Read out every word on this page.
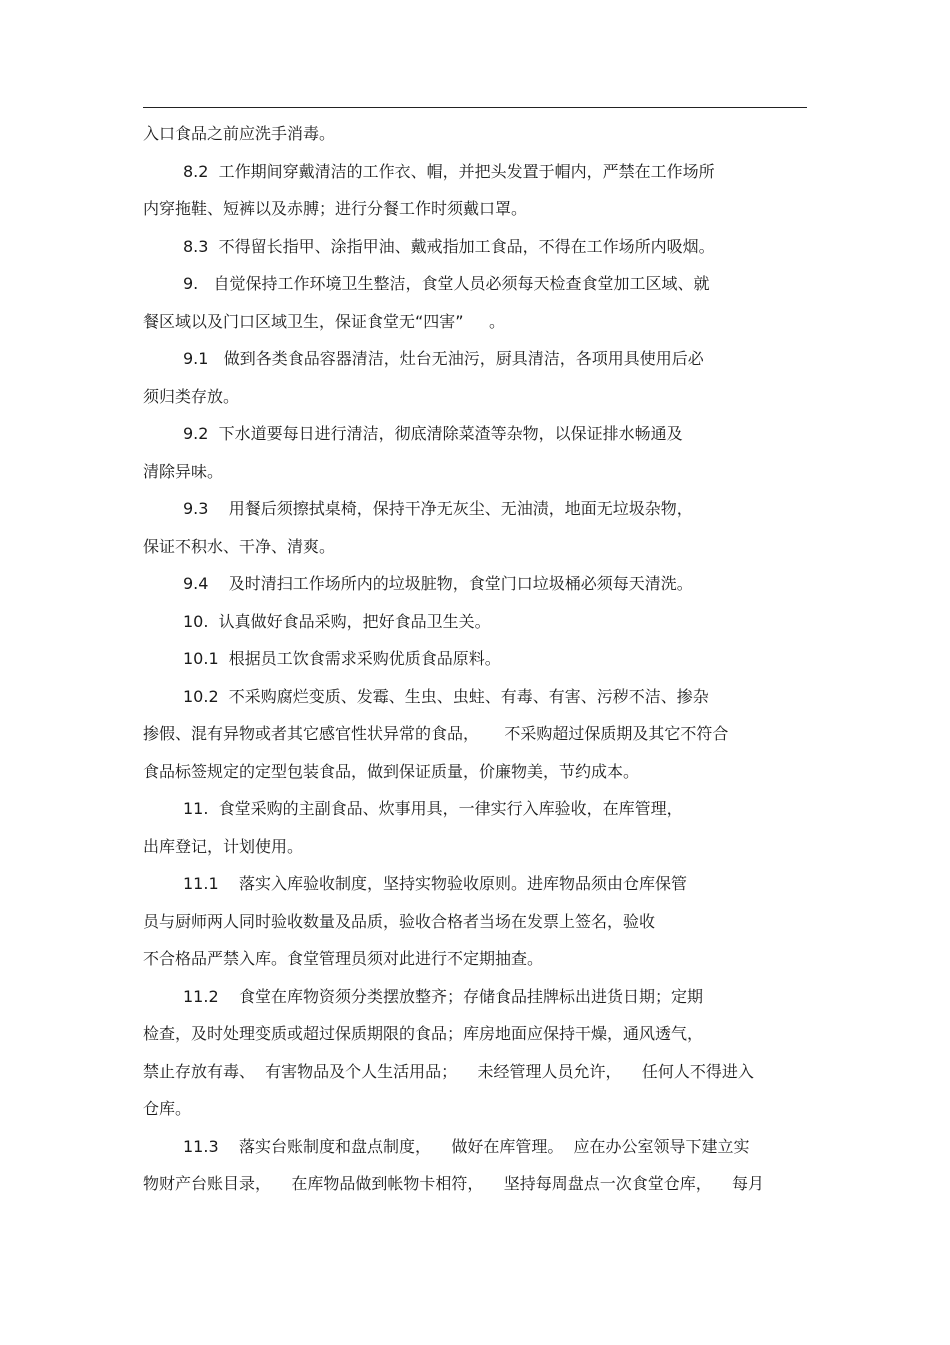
入口食品之前应洗手消毒。
8.2  工作期间穿戴清洁的工作衣、帽，并把头发置于帽内，严禁在工作场所
内穿拖鞋、短裤以及赤膊；进行分餐工作时须戴口罩。
8.3  不得留长指甲、涂指甲油、戴戒指加工食品，不得在工作场所内吸烟。
9.   自觉保持工作环境卫生整洁，食堂人员必须每天检查食堂加工区域、就
餐区域以及门口区域卫生，保证食堂无“四害”     。
9.1   做到各类食品容器清洁，灶台无油污，厨具清洁，各项用具使用后必
须归类存放。
9.2  下水道要每日进行清洁，彻底清除菜渣等杂物，以保证排水畅通及
清除异味。
9.3    用餐后须擦拭桌椅，保持干净无灰尘、无油渍，地面无垃圾杂物，
保证不积水、干净、清爽。
9.4    及时清扫工作场所内的垃圾脏物，食堂门口垃圾桶必须每天清洗。
10.  认真做好食品采购，把好食品卫生关。
10.1  根据员工饮食需求采购优质食品原料。
10.2  不采购腐烂变质、发霉、生虫、虫蛀、有毒、有害、污秽不洁、掺杂
掺假、混有异物或者其它感官性状异常的食品，     不采购超过保质期及其它不符合
食品标签规定的定型包装食品，做到保证质量，价廉物美，节约成本。
11.  食堂采购的主副食品、炊事用具，一律实行入库验收，在库管理，
出库登记，计划使用。
11.1    落实入库验收制度，坚持实物验收原则。进库物品须由仓库保管
员与厨师两人同时验收数量及品质，验收合格者当场在发票上签名，验收
不合格品严禁入库。食堂管理员须对此进行不定期抽查。
11.2    食堂在库物资须分类摆放整齐；存储食品挂牌标出进货日期；定期
检查，及时处理变质或超过保质期限的食品；库房地面应保持干燥，通风透气，
禁止存放有毒、  有害物品及个人生活用品；    未经管理人员允许，    任何人不得进入
仓库。
11.3    落实台账制度和盘点制度，    做好在库管理。  应在办公室领导下建立实
物财产台账目录，    在库物品做到帐物卡相符，    坚持每周盘点一次食堂仓库，    每月
